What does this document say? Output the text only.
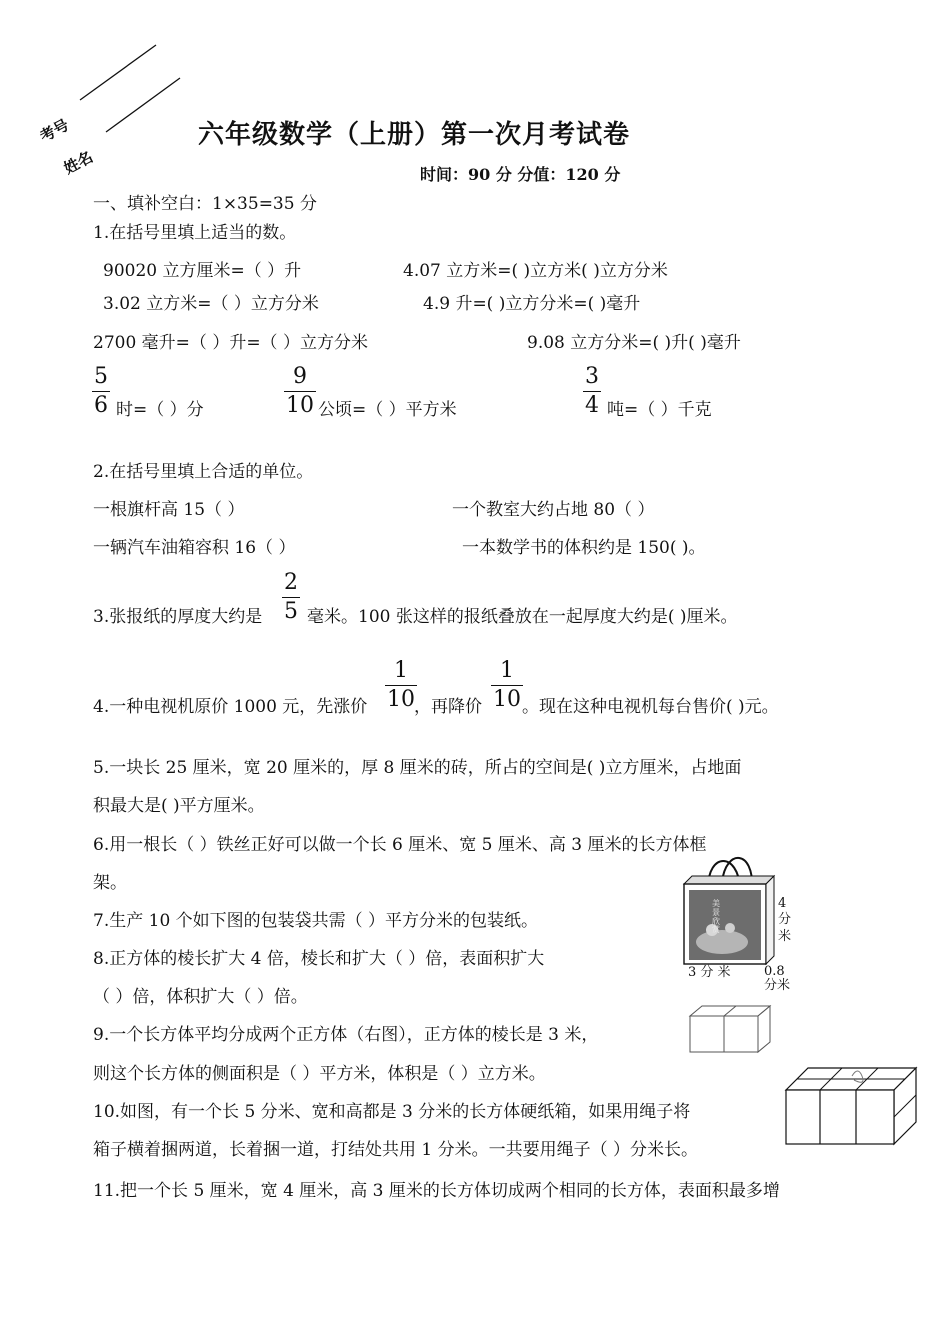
考号
姓名
六年级数学（上册）第一次月考试卷
时间：90 分 分值：120 分
一、填补空白：1×35=35 分
1.在括号里填上适当的数。
90020 立方厘米=（ ）升	4.07 立方米=( )立方米( )立方分米
3.02 立方米=（ ）立方分米	4.9 升=( )立方分米=( )毫升
2700 毫升=（ ）升=（ ）立方分米	9.08 立方分米=( )升( )毫升
$\frac{5}{6}$ 时=（ ）分	$\frac{9}{10}$ 公顷=（ ）平方米	$\frac{3}{4}$ 吨=（ ）千克
2.在括号里填上合适的单位。
一根旗杆高 15（ ）	一个教室大约占地 80（ ）
一辆汽车油箱容积 16（ ）	一本数学书的体积约是 150( )。
3.张报纸的厚度大约是 $\frac{2}{5}$ 毫米。100 张这样的报纸叠放在一起厚度大约是( )厘米。
4.一种电视机原价 1000 元，先涨价 $\frac{1}{10}$
，再降价 $\frac{1}{10}$ 。现在这种电视机每台售价( )元。
5.一块长 25 厘米，宽 20 厘米的，厚 8 厘米的砖，所占的空间是( )立方厘米，占地面
积最大是( )平方厘米。
6.用一根长（ ）铁丝正好可以做一个长 6 厘米、宽 5 厘米、高 3 厘米的长方体框
架。
7.生产 10 个如下图的包装袋共需（ ）平方分米的包装纸。
8.正方体的棱长扩大 4 倍，棱长和扩大（ ）倍，表面积扩大
（ ）倍，体积扩大（ ）倍。
9.一个长方体平均分成两个正方体（右图），正方体的棱长是 3 米，
则这个长方体的侧面积是（ ）平方米，体积是（ ）立方米。
10.如图，有一个长 5 分米、宽和高都是 3 分米的长方体硬纸箱，如果用绳子将
箱子横着捆两道，长着捆一道，打结处共用 1 分米。一共要用绳子（ ）分米长。
11.把一个长 5 厘米，宽 4 厘米，高 3 厘米的长方体切成两个相同的长方体，表面积最多增
美
景
欣
赏
4
分
米
3 分 米	0.8
分米
